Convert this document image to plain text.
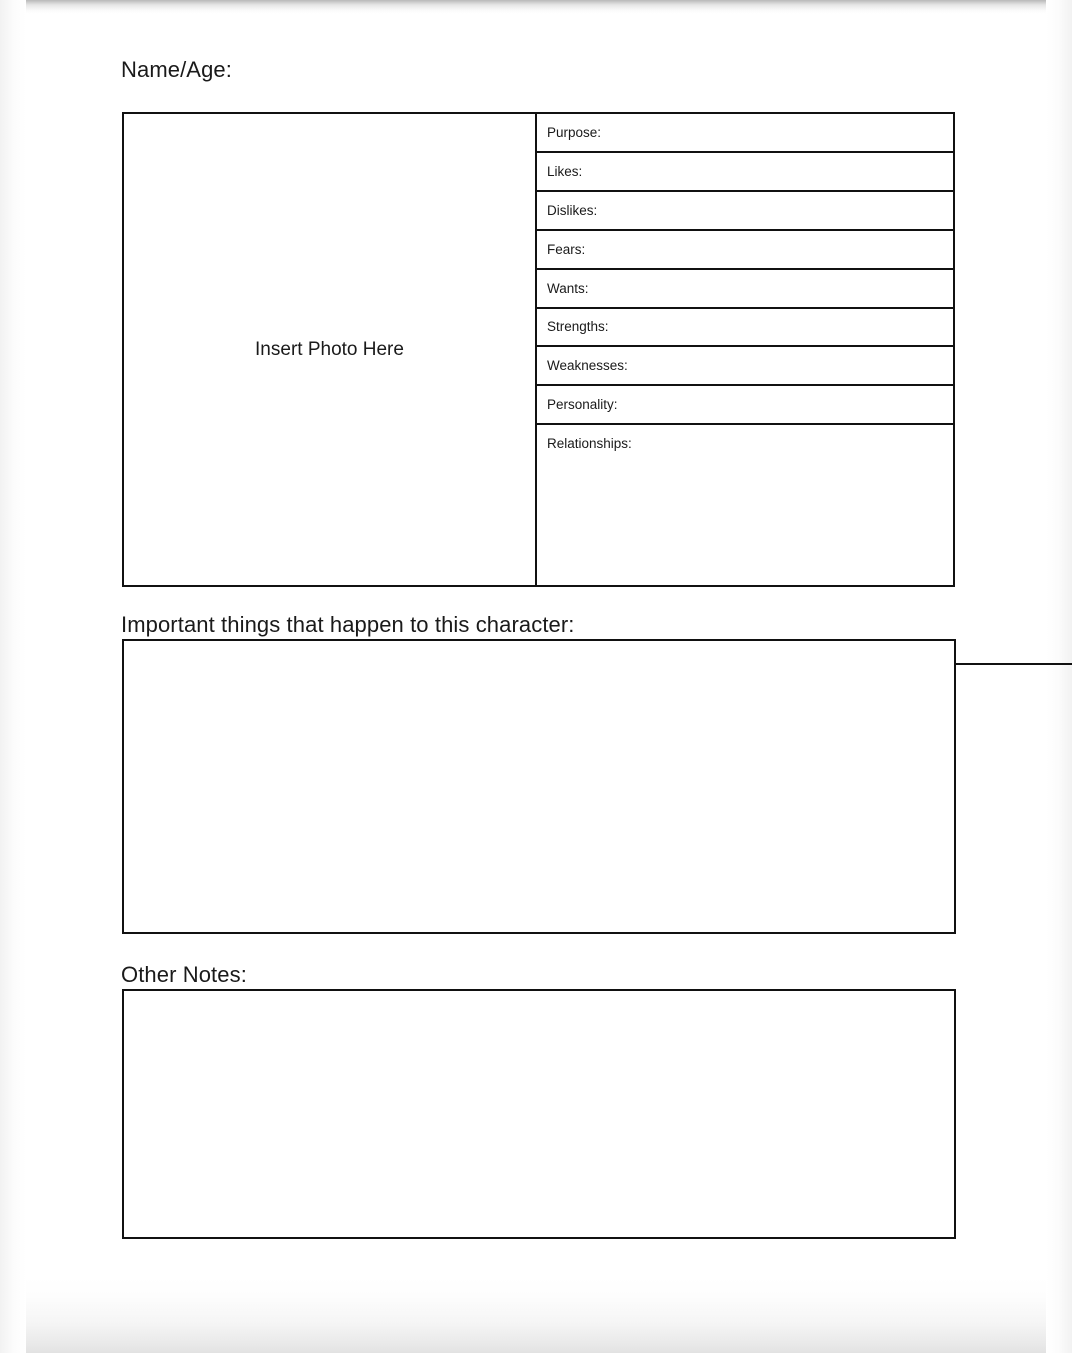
Name/Age:
Insert Photo Here
Purpose:
Likes:
Dislikes:
Fears:
Wants:
Strengths:
Weaknesses:
Personality:
Relationships:
Important things that happen to this character:
Other Notes:
